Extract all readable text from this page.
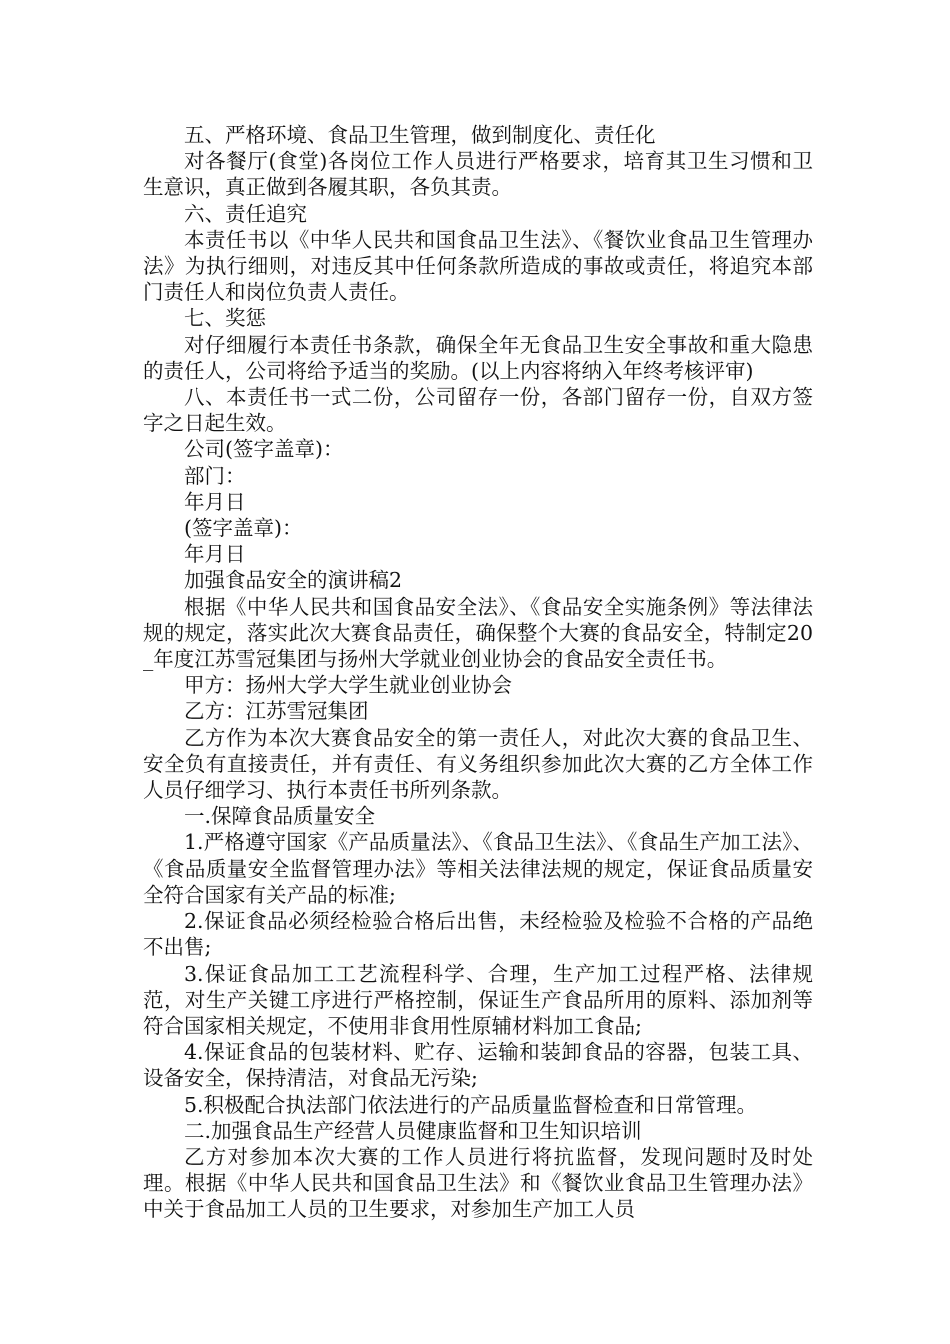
五、严格环境、食品卫生管理，做到制度化、责任化

对各餐厅(食堂)各岗位工作人员进行严格要求，培育其卫生习惯和卫生意识，真正做到各履其职，各负其责。

六、责任追究

本责任书以《中华人民共和国食品卫生法》、《餐饮业食品卫生管理办法》为执行细则，对违反其中任何条款所造成的事故或责任，将追究本部门责任人和岗位负责人责任。

七、奖惩

对仔细履行本责任书条款，确保全年无食品卫生安全事故和重大隐患的责任人，公司将给予适当的奖励。(以上内容将纳入年终考核评审)

八、本责任书一式二份，公司留存一份，各部门留存一份，自双方签字之日起生效。

公司(签字盖章)：

部门：

年月日

(签字盖章)：

年月日

加强食品安全的演讲稿2

根据《中华人民共和国食品安全法》、《食品安全实施条例》等法律法规的规定，落实此次大赛食品责任，确保整个大赛的食品安全，特制定20_年度江苏雪冠集团与扬州大学就业创业协会的食品安全责任书。

甲方：扬州大学大学生就业创业协会

乙方：江苏雪冠集团

乙方作为本次大赛食品安全的第一责任人，对此次大赛的食品卫生、安全负有直接责任，并有责任、有义务组织参加此次大赛的乙方全体工作人员仔细学习、执行本责任书所列条款。

一.保障食品质量安全

1.严格遵守国家《产品质量法》、《食品卫生法》、《食品生产加工法》、《食品质量安全监督管理办法》等相关法律法规的规定，保证食品质量安全符合国家有关产品的标准;

2.保证食品必须经检验合格后出售，未经检验及检验不合格的产品绝不出售;

3.保证食品加工工艺流程科学、合理，生产加工过程严格、法律规范，对生产关键工序进行严格控制，保证生产食品所用的原料、添加剂等符合国家相关规定，不使用非食用性原辅材料加工食品;

4.保证食品的包装材料、贮存、运输和装卸食品的容器，包装工具、设备安全，保持清洁，对食品无污染;

5.积极配合执法部门依法进行的产品质量监督检查和日常管理。

二.加强食品生产经营人员健康监督和卫生知识培训

乙方对参加本次大赛的工作人员进行将抗监督，发现问题时及时处理。根据《中华人民共和国食品卫生法》和《餐饮业食品卫生管理办法》中关于食品加工人员的卫生要求，对参加生产加工人员
